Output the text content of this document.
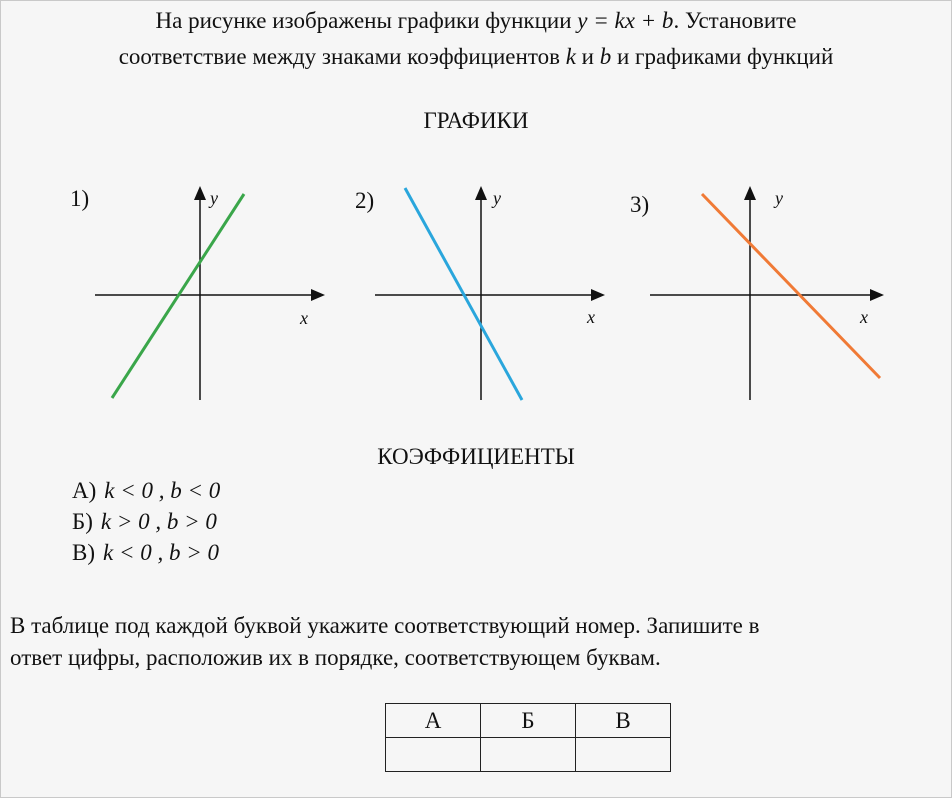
На рисунке изображены графики функции y = kx + b. Установите
соответствие между знаками коэффициентов k и b и графиками функций
ГРАФИКИ
1)
x
y	2)
x
y	3)
x
y
КОЭФФИЦИЕНТЫ
А) k < 0 , b < 0
Б) k > 0 , b > 0
В) k < 0 , b > 0
В таблице под каждой буквой укажите соответствующий номер. Запишите в
ответ цифры, расположив их в порядке, соответствующем буквам.
А	Б	В
